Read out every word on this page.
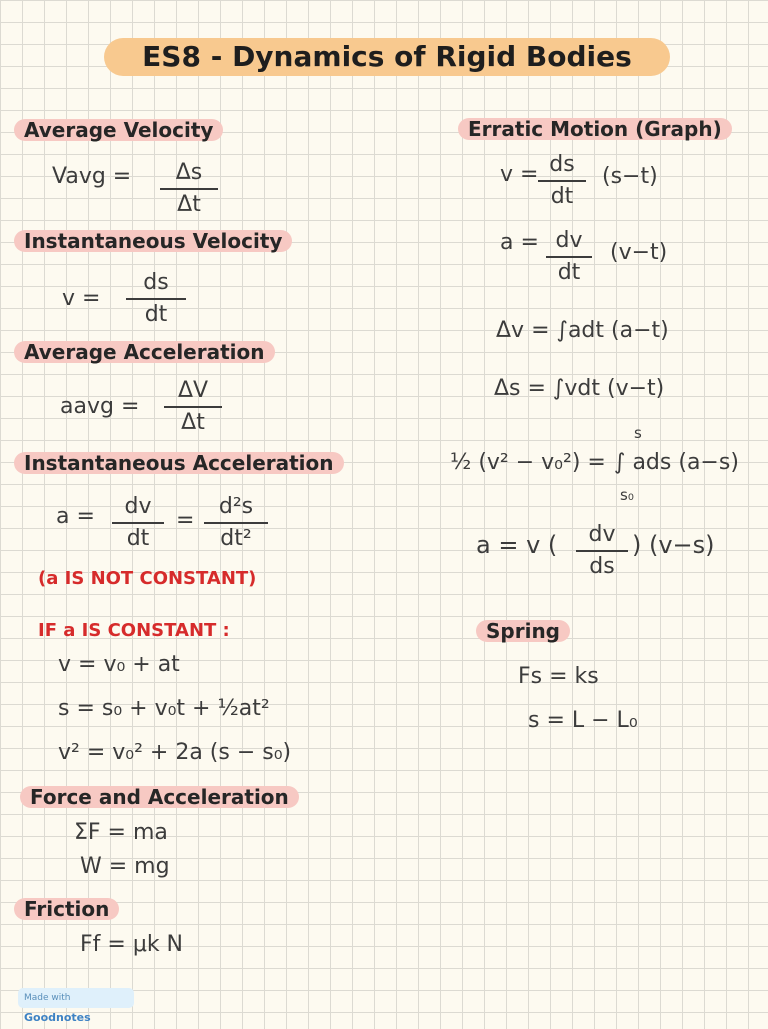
ES8 - Dynamics of Rigid Bodies
Average Velocity
Vavg =	Δs
Δt
Instantaneous Velocity
v =
ds
dt
Average Acceleration
aavg =
ΔV
Δt
Instantaneous Acceleration
a =	dv
dt
=
d²s
dt²
(a IS NOT CONSTANT)
IF a IS CONSTANT :
v = v₀ + at
s = s₀ + v₀t + ½at²
v² = v₀² + 2a (s − s₀)
Force and Acceleration
ΣF = ma
W = mg
Friction
Ff = μk N
Erratic Motion (Graph)
v = ds
dt
(s−t)
a = dv
dt
(v−t)
Δv = ∫adt (a−t)
Δs = ∫vdt (v−t)
½ (v² − v₀²) = ∫ ads (a−s)
s
s₀
a = v (	dv
ds
) (v−s)
Spring
Fs = ks
s = L − L₀
Made with Goodnotes
